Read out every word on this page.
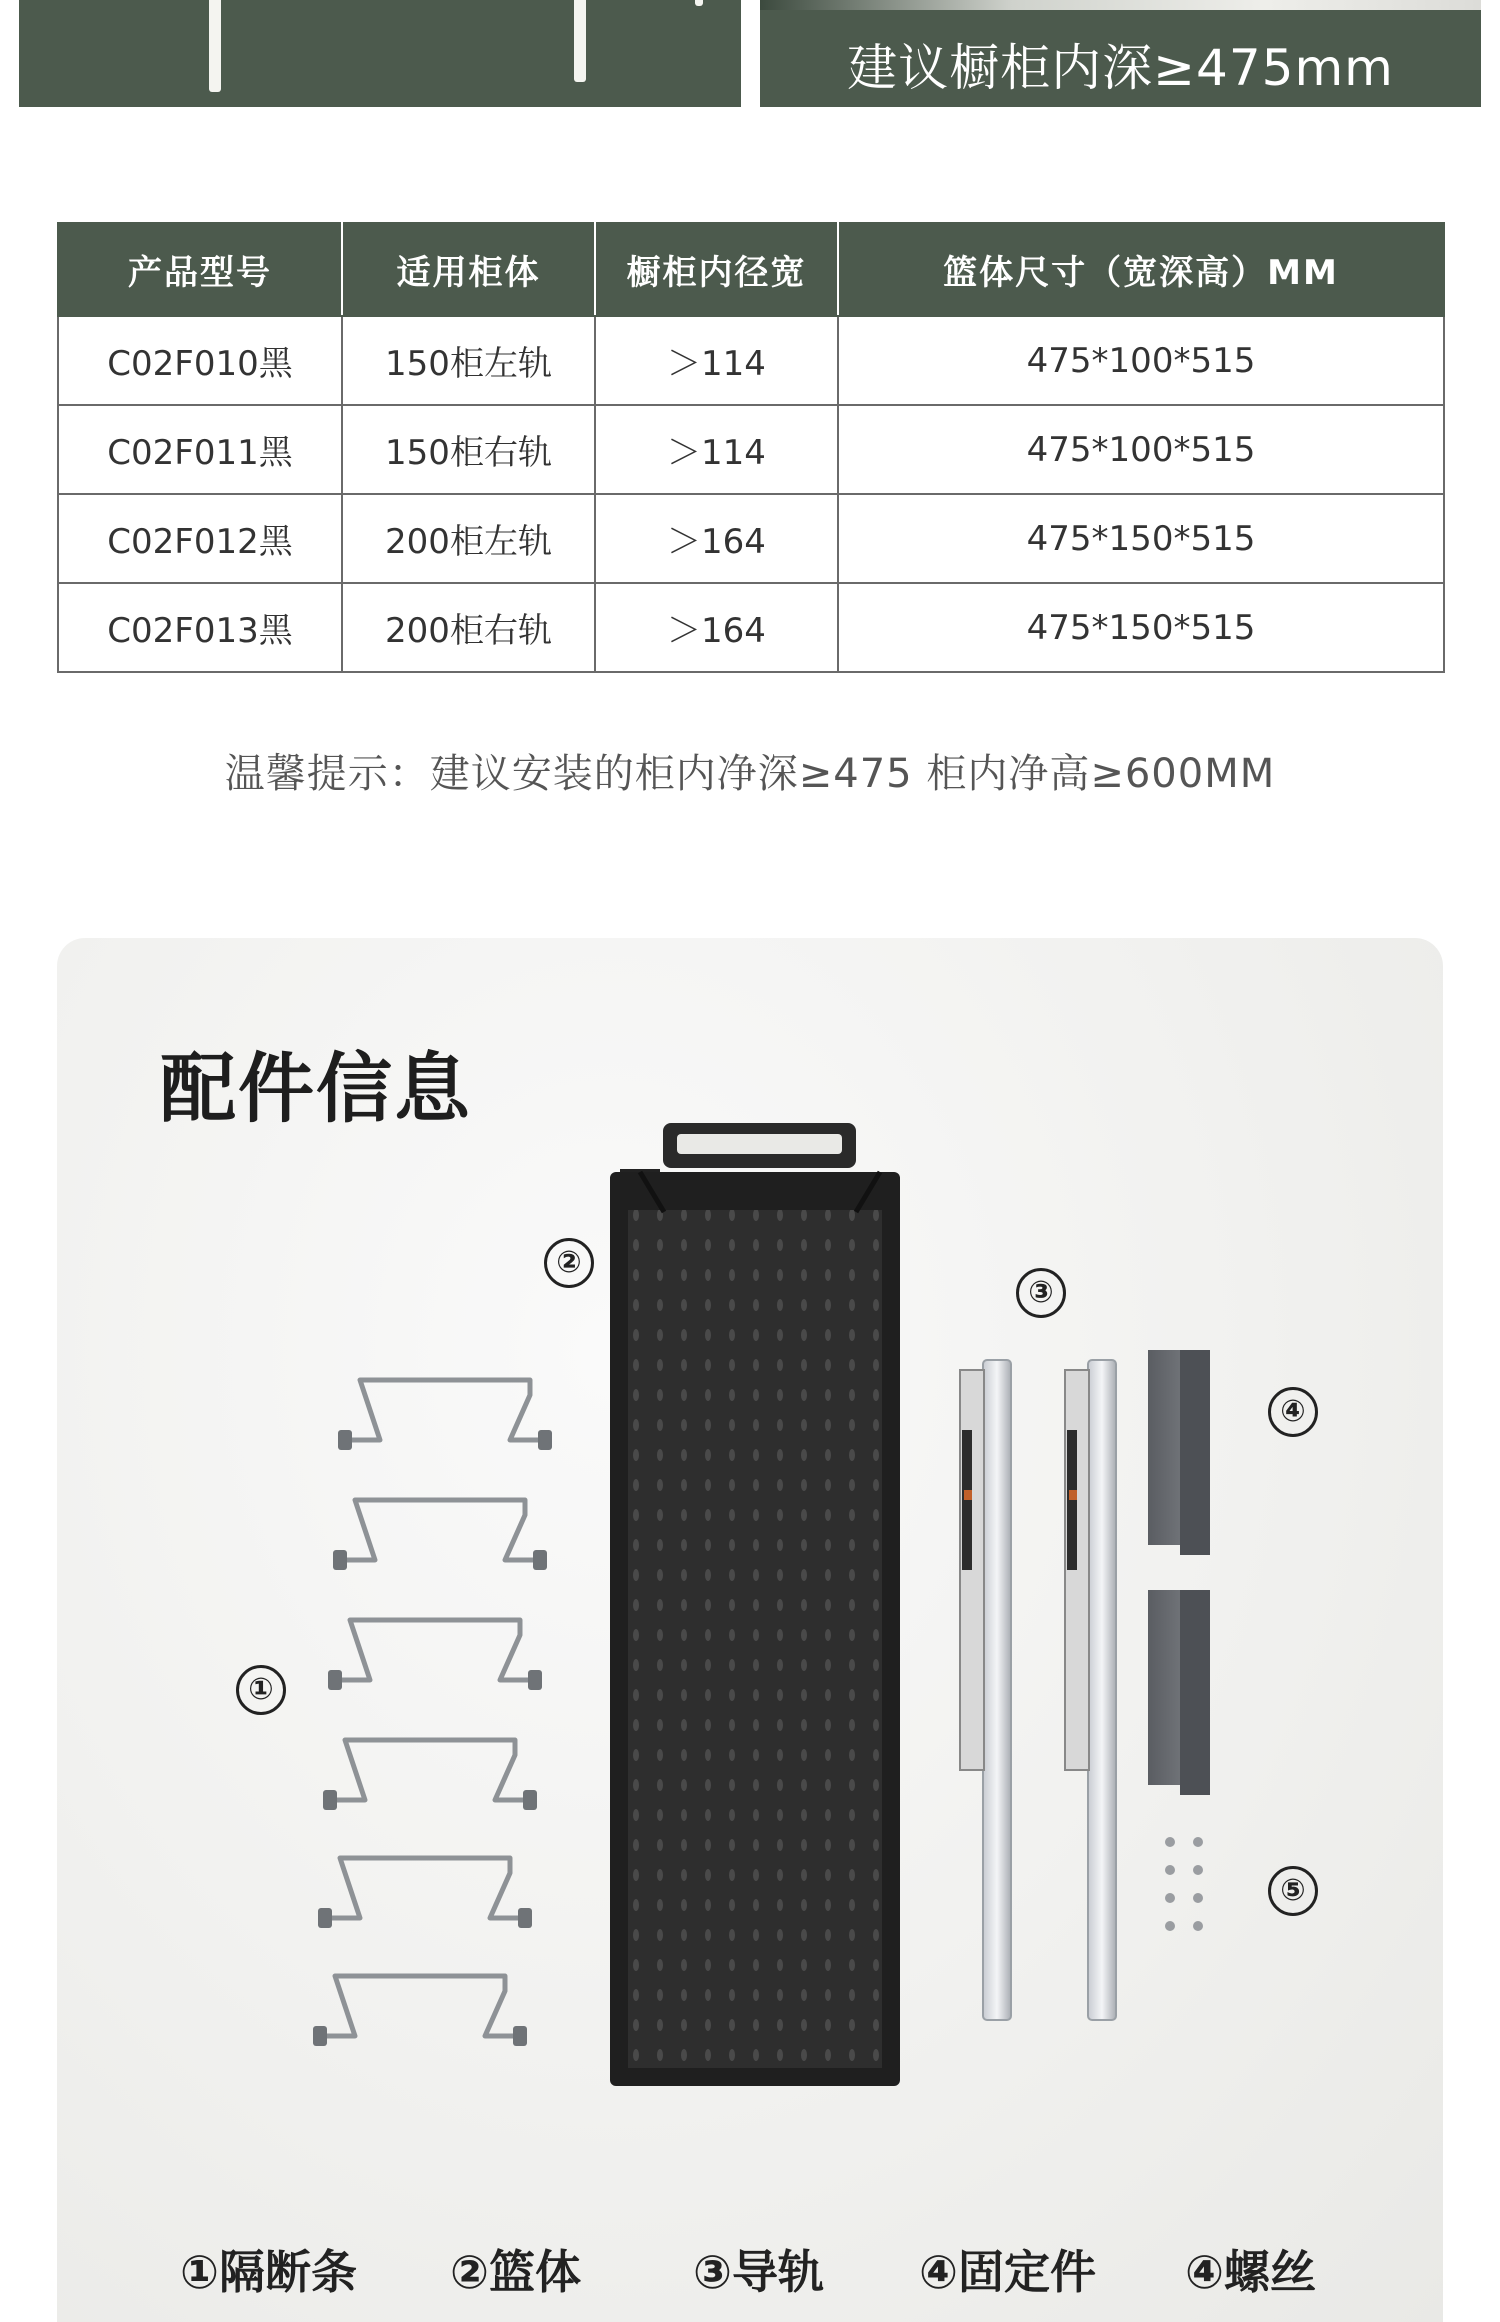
建议橱柜内深≥475mm
产品型号	适用柜体	橱柜内径宽	篮体尺寸（宽深高）MM
C02F010黑	150柜左轨	＞114	475*100*515
C02F011黑	150柜右轨	＞114	475*100*515
C02F012黑	200柜左轨	＞164	475*150*515
C02F013黑	200柜右轨	＞164	475*150*515
温馨提示：建议安装的柜内净深≥475 柜内净高≥600MM
配件信息
②
③
④
①
⑤
①隔断条 ②篮体 ③导轨 ④固定件 ④螺丝
